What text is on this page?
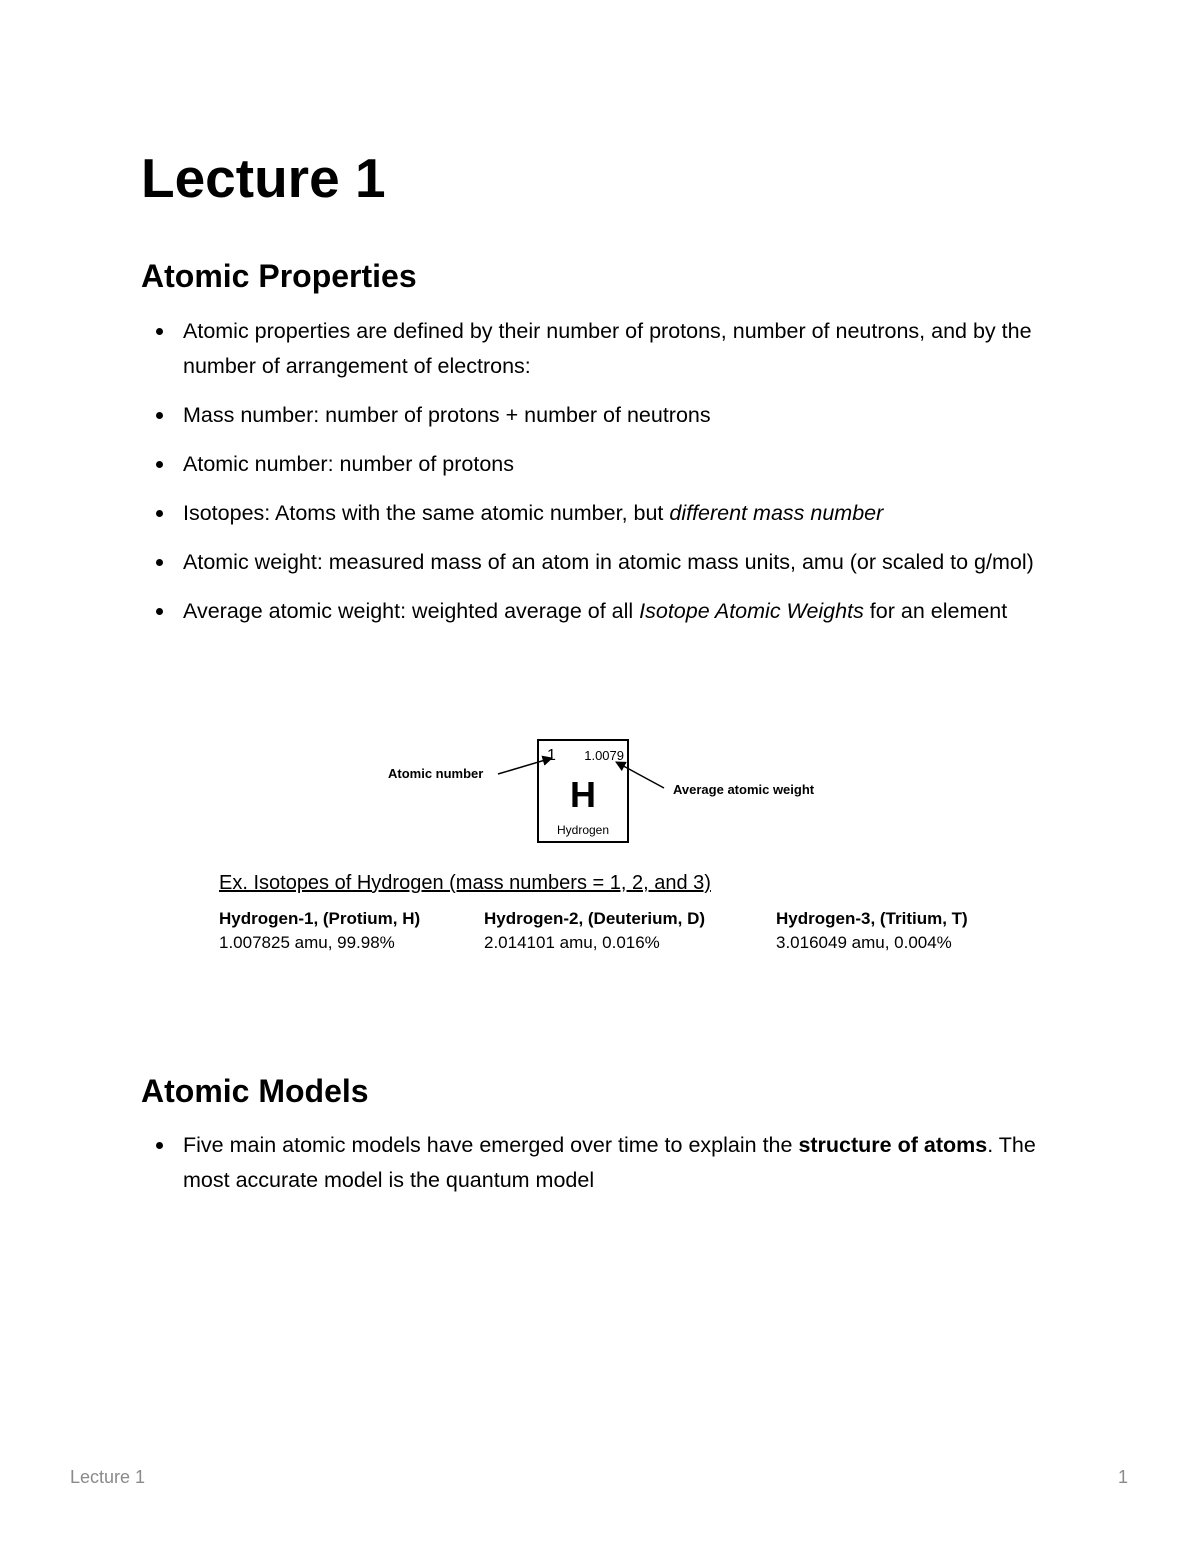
Lecture 1
Atomic Properties
Atomic properties are defined by their number of protons, number of neutrons, and by the number of arrangement of electrons:
Mass number: number of protons + number of neutrons
Atomic number: number of protons
Isotopes: Atoms with the same atomic number, but different mass number
Atomic weight: measured mass of an atom in atomic mass units, amu (or scaled to g/mol)
Average atomic weight: weighted average of all Isotope Atomic Weights for an element
1 1.0079
H
Hydrogen
Atomic number
Average atomic weight
Ex. Isotopes of Hydrogen (mass numbers = 1, 2, and 3)
Hydrogen-1, (Protium, H)
1.007825 amu, 99.98%
Hydrogen-2, (Deuterium, D)
2.014101 amu, 0.016%
Hydrogen-3, (Tritium, T)
3.016049 amu, 0.004%
Atomic Models
Five main atomic models have emerged over time to explain the structure of atoms. The most accurate model is the quantum model
Lecture 1	1
